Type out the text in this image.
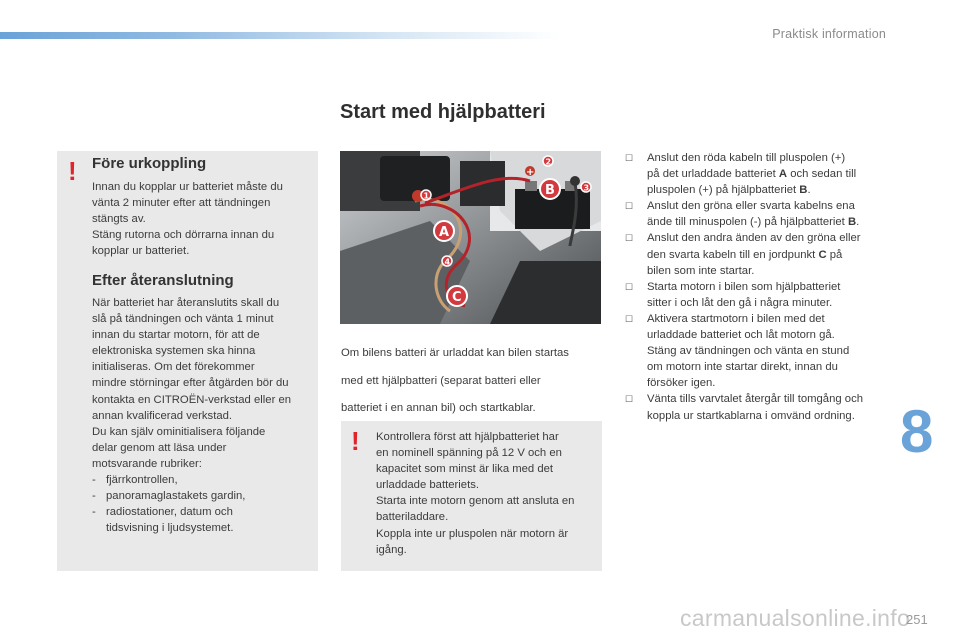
Praktisk information
Start med hjälpbatteri
! Före urkoppling

Innan du kopplar ur batteriet måste du

vänta 2 minuter efter att tändningen

stängts av.

Stäng rutorna och dörrarna innan du

kopplar ur batteriet.

Efter återanslutning

När batteriet har återanslutits skall du

slå på tändningen och vänta 1 minut

innan du startar motorn, för att de

elektroniska systemen ska hinna

initialiseras. Om det förekommer

mindre störningar efter åtgärden bör du

kontakta en CITROËN-verkstad eller en

annan kvalificerad verkstad.

Du kan själv ominitialisera följande

delar genom att läsa under

motsvarande rubriker:

- fjärrkontrollen,
- panoramaglastakets gardin,
- radiostationer, datum och
tidsvisning i ljudsystemet.
+
B
A
C
1
2
3
4

Om bilens batteri är urladdat kan bilen startas

med ett hjälpbatteri (separat batteri eller

batteriet i en annan bil) och startkablar.

! Kontrollera först att hjälpbatteriet har

en nominell spänning på 12 V och en

kapacitet som minst är lika med det

urladdade batteriets.

Starta inte motorn genom att ansluta en

batteriladdare.

Koppla inte ur pluspolen när motorn är

igång.

☐	Anslut den röda kabeln till pluspolen (+)
på det urladdade batteriet A och sedan till
pluspolen (+) på hjälpbatteriet B.
☐	Anslut den gröna eller svarta kabelns ena
ände till minuspolen (-) på hjälpbatteriet B.
☐	Anslut den andra änden av den gröna eller
den svarta kabeln till en jordpunkt C på
bilen som inte startar.
☐	Starta motorn i bilen som hjälpbatteriet
sitter i och låt den gå i några minuter.
☐	Aktivera startmotorn i bilen med det
urladdade batteriet och låt motorn gå.
Stäng av tändningen och vänta en stund
om motorn inte startar direkt, innan du
försöker igen.
☐	Vänta tills varvtalet återgår till tomgång och
koppla ur startkablarna i omvänd ordning. 8
carmanualsonline.info
251
